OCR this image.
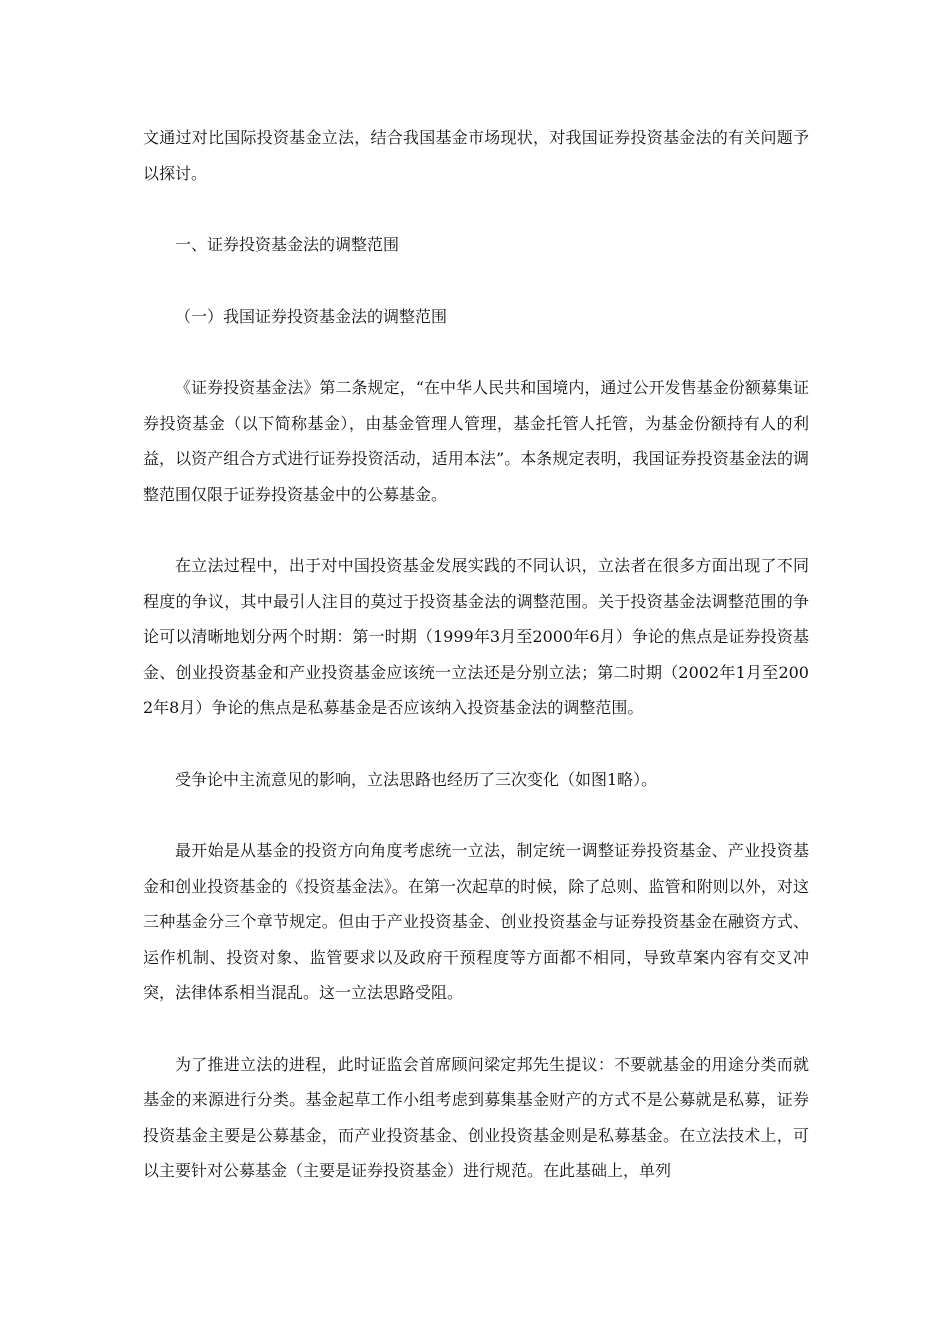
文通过对比国际投资基金立法，结合我国基金市场现状，对我国证券投资基金法的有关问题予以探讨。

一、证券投资基金法的调整范围

（一）我国证券投资基金法的调整范围

《证券投资基金法》第二条规定，“在中华人民共和国境内，通过公开发售基金份额募集证券投资基金（以下简称基金），由基金管理人管理，基金托管人托管，为基金份额持有人的利益，以资产组合方式进行证券投资活动，适用本法”。本条规定表明，我国证券投资基金法的调整范围仅限于证券投资基金中的公募基金。

在立法过程中，出于对中国投资基金发展实践的不同认识，立法者在很多方面出现了不同程度的争议，其中最引人注目的莫过于投资基金法的调整范围。关于投资基金法调整范围的争论可以清晰地划分两个时期：第一时期（1999年3月至2000年6月）争论的焦点是证券投资基金、创业投资基金和产业投资基金应该统一立法还是分别立法；第二时期（2002年1月至2002年8月）争论的焦点是私募基金是否应该纳入投资基金法的调整范围。

受争论中主流意见的影响，立法思路也经历了三次变化（如图1略）。

最开始是从基金的投资方向角度考虑统一立法，制定统一调整证券投资基金、产业投资基金和创业投资基金的《投资基金法》。在第一次起草的时候，除了总则、监管和附则以外，对这三种基金分三个章节规定。但由于产业投资基金、创业投资基金与证券投资基金在融资方式、运作机制、投资对象、监管要求以及政府干预程度等方面都不相同，导致草案内容有交叉冲突，法律体系相当混乱。这一立法思路受阻。

为了推进立法的进程，此时证监会首席顾问梁定邦先生提议：不要就基金的用途分类而就基金的来源进行分类。基金起草工作小组考虑到募集基金财产的方式不是公募就是私募，证券投资基金主要是公募基金，而产业投资基金、创业投资基金则是私募基金。在立法技术上，可以主要针对公募基金（主要是证券投资基金）进行规范。在此基础上，单列
